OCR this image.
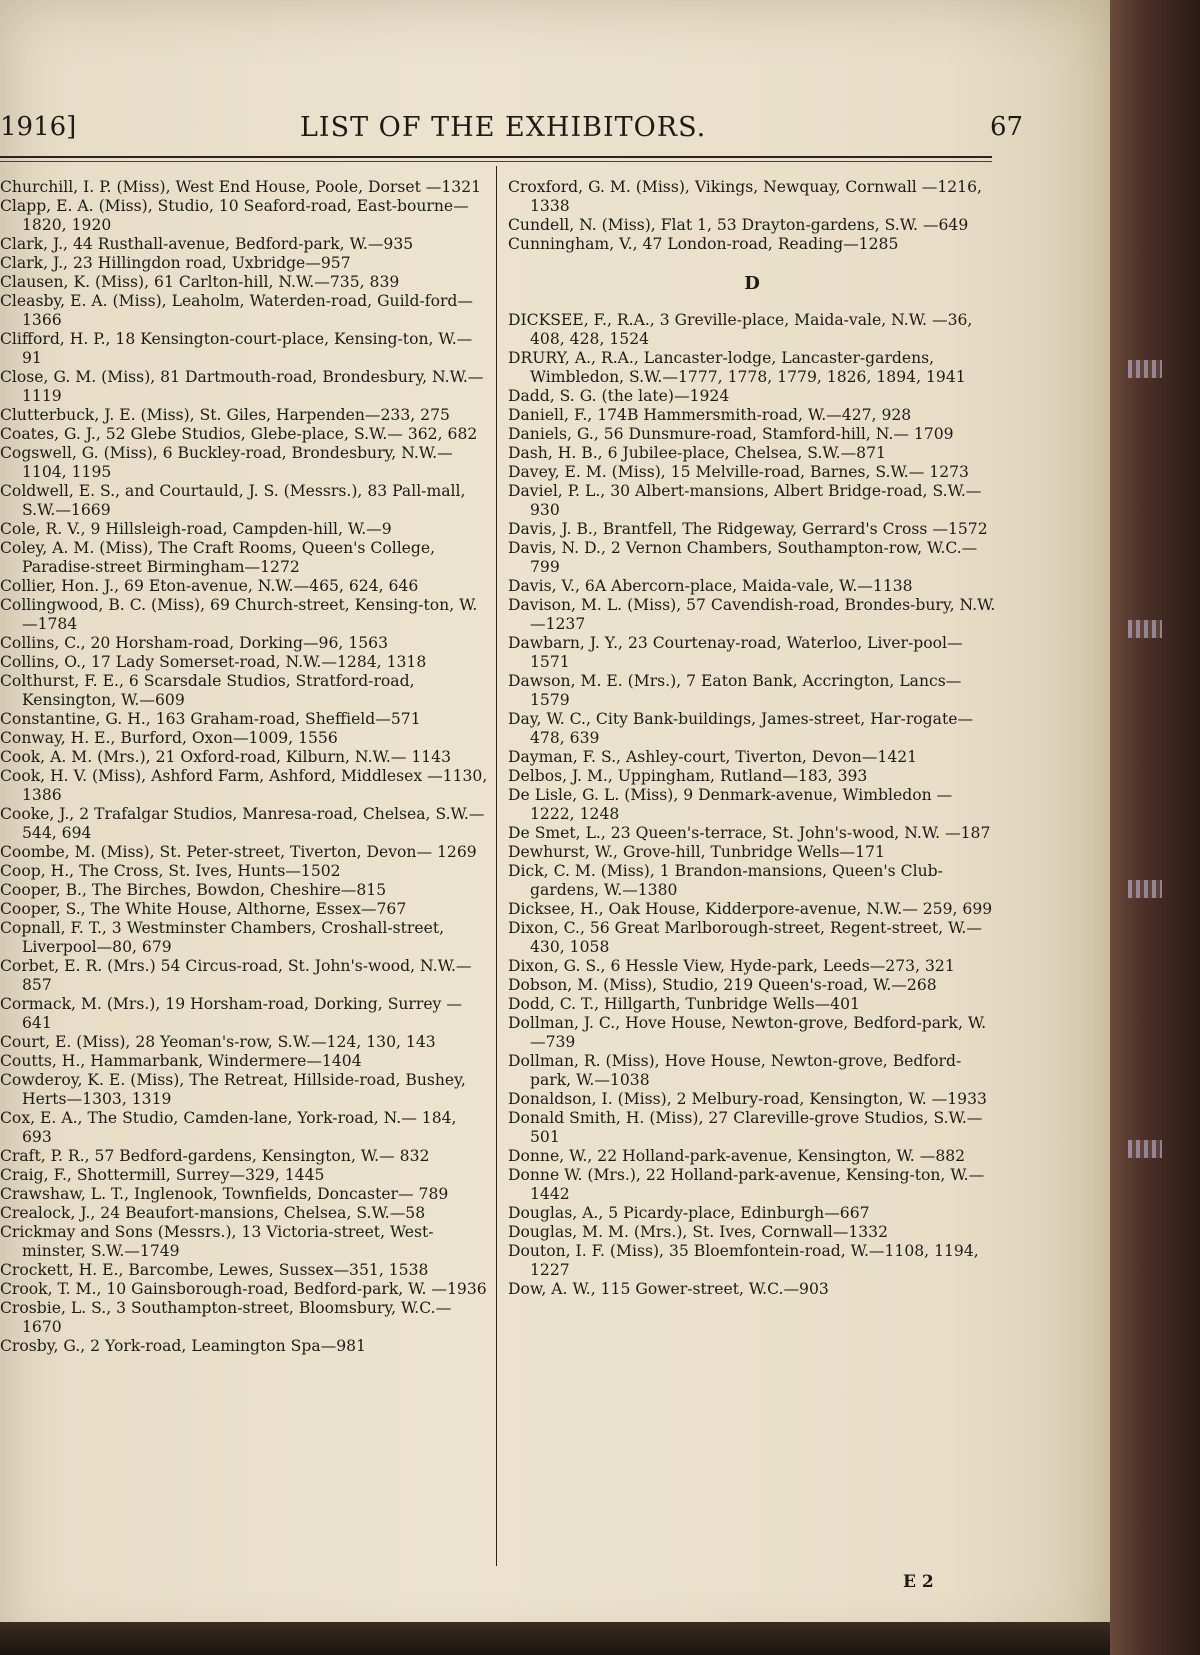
1916]	LIST OF THE EXHIBITORS.	67

Churchill, I. P. (Miss), West End House, Poole, Dorset —1321

Clapp, E. A. (Miss), Studio, 10 Seaford-road, East-bourne—1820, 1920

Clark, J., 44 Rusthall-avenue, Bedford-park, W.—935

Clark, J., 23 Hillingdon road, Uxbridge—957

Clausen, K. (Miss), 61 Carlton-hill, N.W.—735, 839

Cleasby, E. A. (Miss), Leaholm, Waterden-road, Guild-ford—1366

Clifford, H. P., 18 Kensington-court-place, Kensing-ton, W.—91

Close, G. M. (Miss), 81 Dartmouth-road, Brondesbury, N.W.—1119

Clutterbuck, J. E. (Miss), St. Giles, Harpenden—233, 275

Coates, G. J., 52 Glebe Studios, Glebe-place, S.W.— 362, 682

Cogswell, G. (Miss), 6 Buckley-road, Brondesbury, N.W.—1104, 1195

Coldwell, E. S., and Courtauld, J. S. (Messrs.), 83 Pall-mall, S.W.—1669

Cole, R. V., 9 Hillsleigh-road, Campden-hill, W.—9

Coley, A. M. (Miss), The Craft Rooms, Queen's College, Paradise-street Birmingham—1272

Collier, Hon. J., 69 Eton-avenue, N.W.—465, 624, 646

Collingwood, B. C. (Miss), 69 Church-street, Kensing-ton, W.—1784

Collins, C., 20 Horsham-road, Dorking—96, 1563

Collins, O., 17 Lady Somerset-road, N.W.—1284, 1318

Colthurst, F. E., 6 Scarsdale Studios, Stratford-road, Kensington, W.—609

Constantine, G. H., 163 Graham-road, Sheffield—571

Conway, H. E., Burford, Oxon—1009, 1556

Cook, A. M. (Mrs.), 21 Oxford-road, Kilburn, N.W.— 1143

Cook, H. V. (Miss), Ashford Farm, Ashford, Middlesex —1130, 1386

Cooke, J., 2 Trafalgar Studios, Manresa-road, Chelsea, S.W.—544, 694

Coombe, M. (Miss), St. Peter-street, Tiverton, Devon— 1269

Coop, H., The Cross, St. Ives, Hunts—1502

Cooper, B., The Birches, Bowdon, Cheshire—815

Cooper, S., The White House, Althorne, Essex—767

Copnall, F. T., 3 Westminster Chambers, Croshall-street, Liverpool—80, 679

Corbet, E. R. (Mrs.) 54 Circus-road, St. John's-wood, N.W.—857

Cormack, M. (Mrs.), 19 Horsham-road, Dorking, Surrey —641

Court, E. (Miss), 28 Yeoman's-row, S.W.—124, 130, 143

Coutts, H., Hammarbank, Windermere—1404

Cowderoy, K. E. (Miss), The Retreat, Hillside-road, Bushey, Herts—1303, 1319

Cox, E. A., The Studio, Camden-lane, York-road, N.— 184, 693

Craft, P. R., 57 Bedford-gardens, Kensington, W.— 832

Craig, F., Shottermill, Surrey—329, 1445

Crawshaw, L. T., Inglenook, Townfields, Doncaster— 789

Crealock, J., 24 Beaufort-mansions, Chelsea, S.W.—58

Crickmay and Sons (Messrs.), 13 Victoria-street, West-minster, S.W.—1749

Crockett, H. E., Barcombe, Lewes, Sussex—351, 1538

Crook, T. M., 10 Gainsborough-road, Bedford-park, W. —1936

Crosbie, L. S., 3 Southampton-street, Bloomsbury, W.C.—1670

Crosby, G., 2 York-road, Leamington Spa—981

Croxford, G. M. (Miss), Vikings, Newquay, Cornwall —1216, 1338

Cundell, N. (Miss), Flat 1, 53 Drayton-gardens, S.W. —649

Cunningham, V., 47 London-road, Reading—1285

D

DICKSEE, F., R.A., 3 Greville-place, Maida-vale, N.W. —36, 408, 428, 1524

DRURY, A., R.A., Lancaster-lodge, Lancaster-gardens, Wimbledon, S.W.—1777, 1778, 1779, 1826, 1894, 1941

Dadd, S. G. (the late)—1924

Daniell, F., 174B Hammersmith-road, W.—427, 928

Daniels, G., 56 Dunsmure-road, Stamford-hill, N.— 1709

Dash, H. B., 6 Jubilee-place, Chelsea, S.W.—871

Davey, E. M. (Miss), 15 Melville-road, Barnes, S.W.— 1273

Daviel, P. L., 30 Albert-mansions, Albert Bridge-road, S.W.—930

Davis, J. B., Brantfell, The Ridgeway, Gerrard's Cross —1572

Davis, N. D., 2 Vernon Chambers, Southampton-row, W.C.—799

Davis, V., 6A Abercorn-place, Maida-vale, W.—1138

Davison, M. L. (Miss), 57 Cavendish-road, Brondes-bury, N.W.—1237

Dawbarn, J. Y., 23 Courtenay-road, Waterloo, Liver-pool—1571

Dawson, M. E. (Mrs.), 7 Eaton Bank, Accrington, Lancs—1579

Day, W. C., City Bank-buildings, James-street, Har-rogate—478, 639

Dayman, F. S., Ashley-court, Tiverton, Devon—1421

Delbos, J. M., Uppingham, Rutland—183, 393

De Lisle, G. L. (Miss), 9 Denmark-avenue, Wimbledon —1222, 1248

De Smet, L., 23 Queen's-terrace, St. John's-wood, N.W. —187

Dewhurst, W., Grove-hill, Tunbridge Wells—171

Dick, C. M. (Miss), 1 Brandon-mansions, Queen's Club-gardens, W.—1380

Dicksee, H., Oak House, Kidderpore-avenue, N.W.— 259, 699

Dixon, C., 56 Great Marlborough-street, Regent-street, W.—430, 1058

Dixon, G. S., 6 Hessle View, Hyde-park, Leeds—273, 321

Dobson, M. (Miss), Studio, 219 Queen's-road, W.—268

Dodd, C. T., Hillgarth, Tunbridge Wells—401

Dollman, J. C., Hove House, Newton-grove, Bedford-park, W.—739

Dollman, R. (Miss), Hove House, Newton-grove, Bedford-park, W.—1038

Donaldson, I. (Miss), 2 Melbury-road, Kensington, W. —1933

Donald Smith, H. (Miss), 27 Clareville-grove Studios, S.W.—501

Donne, W., 22 Holland-park-avenue, Kensington, W. —882

Donne W. (Mrs.), 22 Holland-park-avenue, Kensing-ton, W.—1442

Douglas, A., 5 Picardy-place, Edinburgh—667

Douglas, M. M. (Mrs.), St. Ives, Cornwall—1332

Douton, I. F. (Miss), 35 Bloemfontein-road, W.—1108, 1194, 1227

Dow, A. W., 115 Gower-street, W.C.—903

E 2
